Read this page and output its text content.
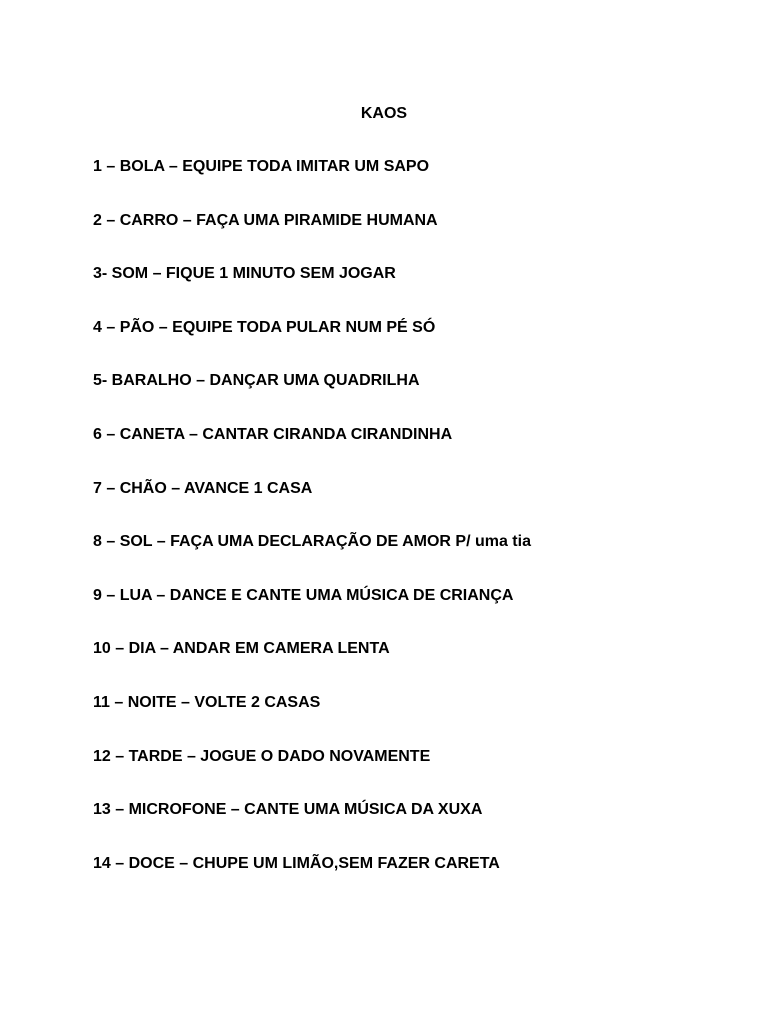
KAOS
1 – BOLA – EQUIPE TODA IMITAR UM SAPO
2 – CARRO – FAÇA UMA PIRAMIDE HUMANA
3- SOM – FIQUE 1 MINUTO SEM JOGAR
4 – PÃO – EQUIPE TODA PULAR NUM PÉ SÓ
5- BARALHO – DANÇAR UMA QUADRILHA
6 – CANETA – CANTAR CIRANDA CIRANDINHA
7 – CHÃO – AVANCE 1 CASA
8 – SOL – FAÇA UMA DECLARAÇÃO DE AMOR P/ uma tia
9 – LUA – DANCE E CANTE UMA MÚSICA DE CRIANÇA
10 – DIA – ANDAR EM CAMERA LENTA
11 – NOITE – VOLTE 2 CASAS
12 – TARDE – JOGUE O DADO NOVAMENTE
13 – MICROFONE – CANTE UMA MÚSICA DA XUXA
14 – DOCE – CHUPE UM LIMÃO,SEM FAZER CARETA
